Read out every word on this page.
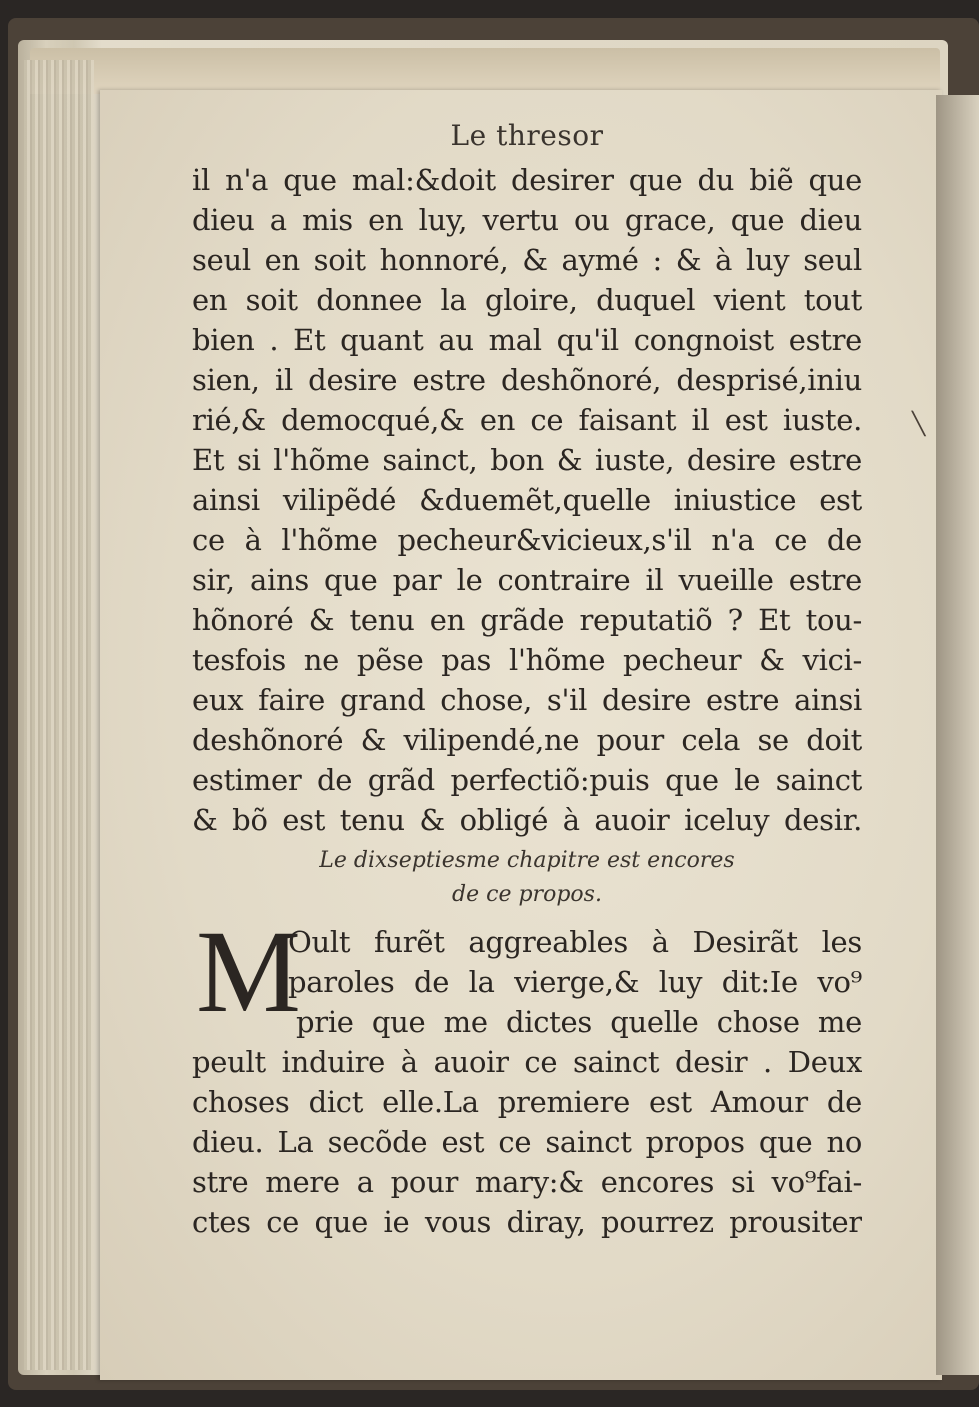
╲
Le thresor
il n'a que mal:&doit desirer que du biẽ que
dieu a mis en luy, vertu ou grace, que dieu
seul en soit honnoré, & aymé : & à luy seul
en soit donnee la gloire, duquel vient tout
bien . Et quant au mal qu'il congnoist estre
sien, il desire estre deshõnoré, desprisé,iniu
rié,& democqué,& en ce faisant il est iuste.
Et si l'hõme sainct, bon & iuste, desire estre
ainsi vilipẽdé &duemẽt,quelle iniustice est
ce à l'hõme pecheur&vicieux,s'il n'a ce de
sir, ains que par le contraire il vueille estre
hõnoré & tenu en grãde reputatiõ ? Et tou-
tesfois ne pẽse pas l'hõme pecheur & vici-
eux faire grand chose, s'il desire estre ainsi
deshõnoré & vilipendé,ne pour cela se doit
estimer de grãd perfectiõ:puis que le sainct
& bõ est tenu & obligé à auoir iceluy desir.
Le dixseptiesme chapitre est encores
de ce propos.
M
Oult furẽt aggreables à Desirãt les
paroles de la vierge,& luy dit:Ie vo⁹
prie que me dictes quelle chose me
peult induire à auoir ce sainct desir . Deux
choses dict elle.La premiere est Amour de
dieu. La secõde est ce sainct propos que no
stre mere a pour mary:& encores si vo⁹fai-
ctes ce que ie vous diray, pourrez prousiter
